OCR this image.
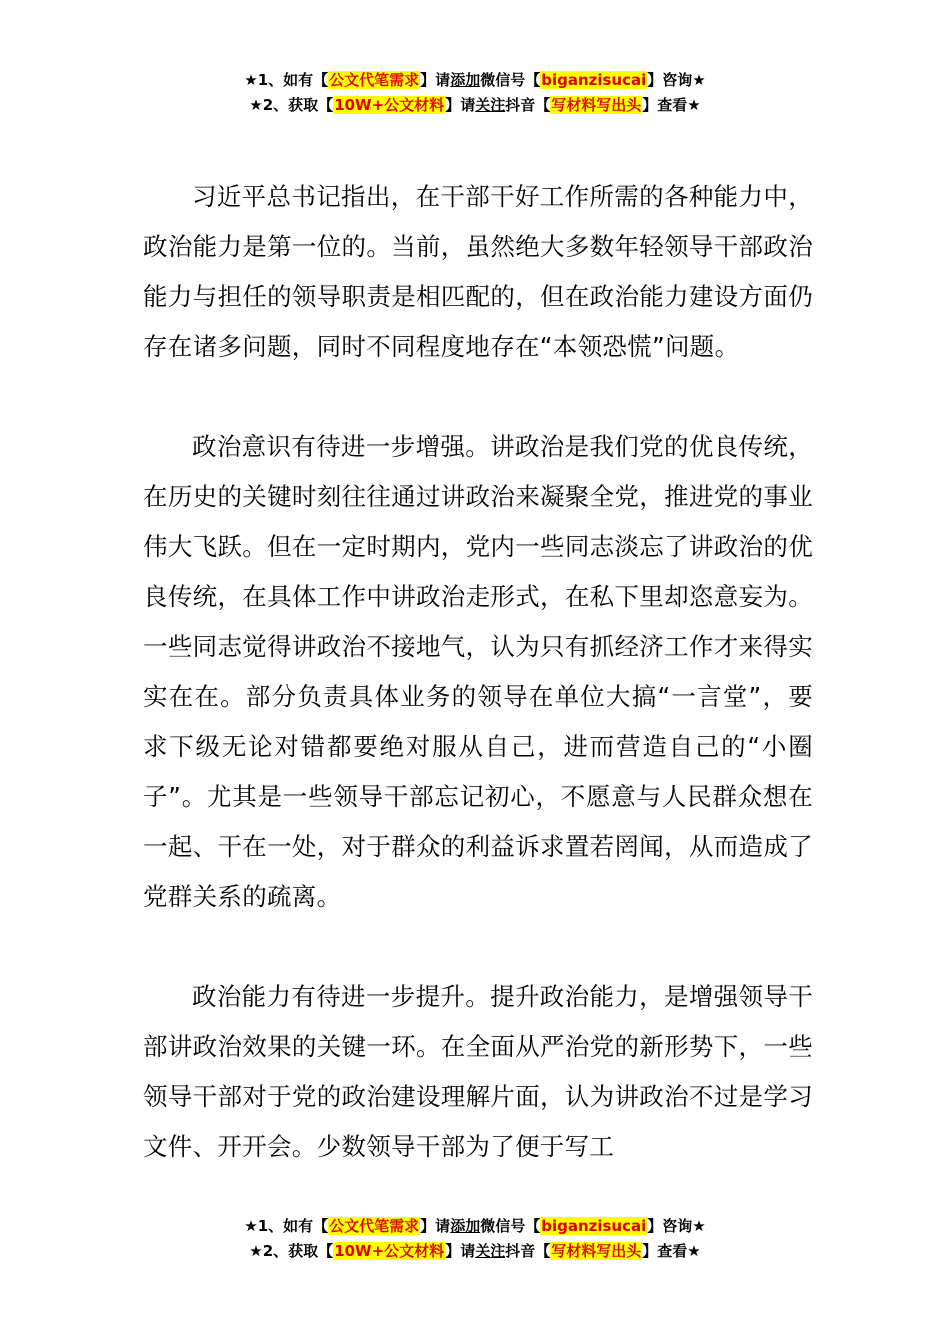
★1、如有【公文代笔需求】请添加微信号【biganzisucai】咨询★
★2、获取【10W+公文材料】请关注抖音【写材料写出头】查看★

习近平总书记指出，在干部干好工作所需的各种能力中，政治能力是第一位的。当前，虽然绝大多数年轻领导干部政治能力与担任的领导职责是相匹配的，但在政治能力建设方面仍存在诸多问题，同时不同程度地存在“本领恐慌”问题。

政治意识有待进一步增强。讲政治是我们党的优良传统，在历史的关键时刻往往通过讲政治来凝聚全党，推进党的事业伟大飞跃。但在一定时期内，党内一些同志淡忘了讲政治的优良传统，在具体工作中讲政治走形式，在私下里却恣意妄为。一些同志觉得讲政治不接地气，认为只有抓经济工作才来得实实在在。部分负责具体业务的领导在单位大搞“一言堂”，要求下级无论对错都要绝对服从自己，进而营造自己的“小圈子”。尤其是一些领导干部忘记初心，不愿意与人民群众想在一起、干在一处，对于群众的利益诉求置若罔闻，从而造成了党群关系的疏离。

政治能力有待进一步提升。提升政治能力，是增强领导干部讲政治效果的关键一环。在全面从严治党的新形势下，一些领导干部对于党的政治建设理解片面，认为讲政治不过是学习文件、开开会。少数领导干部为了便于写工

★1、如有【公文代笔需求】请添加微信号【biganzisucai】咨询★
★2、获取【10W+公文材料】请关注抖音【写材料写出头】查看★
